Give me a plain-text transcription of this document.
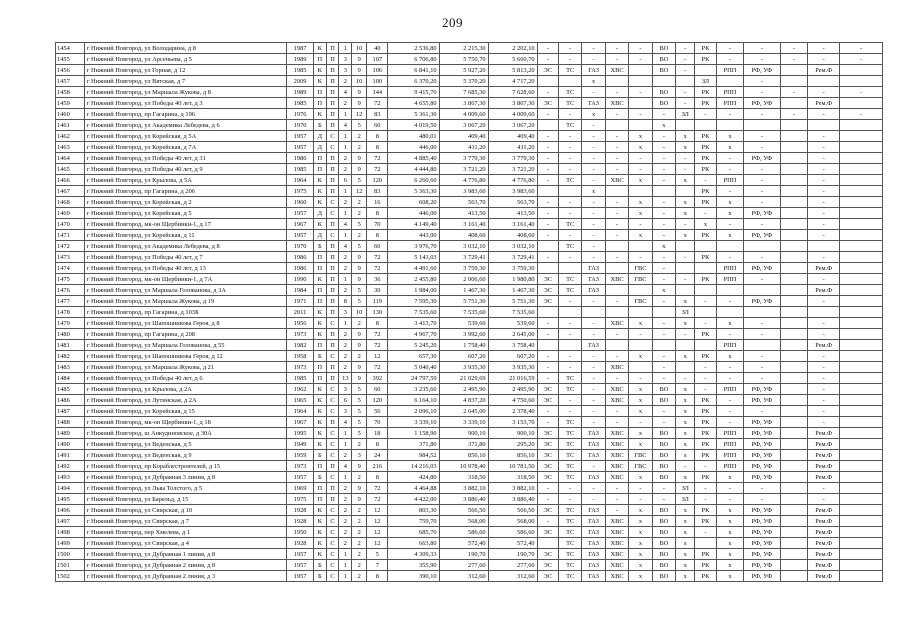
209
1454	г Нижний Новгород, ул Володарина, д 8	1987	К	П	1	10	40	2 536,80	2 215,30	2 202,10	-	-	-	-	-	ВО	-	РК	-	-	-	-	-
1455	г Нижний Новгород, ул Арсеньева, д 5	1989	П	П	3	9	107	6 706,80	5 750,70	5 660,70	-	-	-	-	-	ВО	-	РК	-	-	-	-	-
1456	г Нижний Новгород, ул Горная, д 12	1985	К	П	3	9	106	6 841,10	5 927,20	5 813,20	ЭС	ТС	ГАЗ	ХВС		ВО	-		РПП	РФ, УФ		Рем.Ф	
1457	г Нижний Новгород, ул Вятская, д 7	2009	К	П	2	10	100	6 370,20	5 370,20	4 717,20			х					ЗЛ		-			
1458	г Нижний Новгород, ул Маршала Жукова, д 8	1989	П	П	4	9	144	9 415,70	7 685,30	7 628,60	-	ТС	-	-	-	ВО	-	РК	РПП	-	-	-	-
1459	г Нижний Новгород, ул Победы 40 лет, д 3	1985	П	П	2	9	72	4 655,80	3 867,30	3 867,30	ЭС	ТС	ГАЗ	ХВС		ВО	-	РК	РПП	РФ, УФ		Рем.Ф	
1460	г Нижний Новгород, пр Гагарина, д 196	1976	К	П	1	12	83	5 361,30	4 009,60	4 009,60	-	-	х	-	-	-	ЗЛ	-	-	-	-	-	-
1461	г Нижний Новгород, ул Академика Лебедева, д 6	1970	Б	П	4	5	60	4 019,50	3 067,20	3 067,20		ТС	-			х							
1462	г Нижний Новгород, ул Корейская, д 5А	1957	Д	С	1	2	8	480,01	409,40	409,40	-	-	-	-	х	-	х	РК	х	-		-	
1463	г Нижний Новгород, ул Корейская, д 7А	1957	Д	С	1	2	8	446,00	411,20	411,20	-	-	-	-	х	-	х	РК	х	-		-	
1464	г Нижний Новгород, ул Победы 40 лет, д 31	1986	П	П	2	9	72	4 885,40	3 779,30	3 779,30	-	-	-	-	-	-	-	РК	-	РФ, УФ		-	
1465	г Нижний Новгород, ул Победы 40 лет, д 9	1985	П	П	2	9	72	4 444,80	3 721,20	3 721,20	-	-	-	-	-	-	-	РК	-	-		-	
1466	г Нижний Новгород, ул Крылова, д 5А	1964	К	П	6	5	120	6 260,60	4 776,80	4 776,80	-	ТС	-	ХВС	х	-	х	-	РПП	-		-	
1467	г Нижний Новгород, пр Гагарина, д 206	1975	К	П	1	12	83	5 363,30	3 983,60	3 983,60			х					РК	-	-		-	
1468	г Нижний Новгород, ул Корейская, д 2	1960	К	С	2	2	16	608,20	563,70	563,70	-	-	-	-	х	-	х	РК	х	-		-	
1469	г Нижний Новгород, ул Корейская, д 5	1957	Д	С	1	2	8	446,00	413,50	413,50	-	-	-	-	х	-	х	-	х	РФ, УФ		-	
1470	г Нижний Новгород, мк-он Щербинки-1, д 17	1967	К	П	4	5	70	4 149,40	3 161,40	3 161,40	-	ТС	-	-	-	-	-	х	-	-		-	
1471	г Нижний Новгород, ул Корейская, д 11	1957	Д	С	1	2	8	443,00	408,60	408,60	-	-	-	-	х	-	х	РК	х	РФ, УФ		-	
1472	г Нижний Новгород, ул Академика Лебедева, д 8	1970	Б	П	4	5	60	3 976,70	3 032,10	3 032,10		ТС	-			х							
1473	г Нижний Новгород, ул Победы 40 лет, д 7	1986	П	П	2	9	72	5 143,03	3 729,41	3 729,41	-	-	-	-	-	-	-	РК	-	-		-	
1474	г Нижний Новгород, ул Победы 40 лет, д 13	1986	П	П	2	9	72	4 491,60	3 759,30	3 759,30			ГАЗ		ГВС	-			РПП	РФ, УФ		Рем.Ф	
1475	г Нижний Новгород, мк-он Щербинки-1, д 7А	1990	К	П	1	9	36	2 455,80	2 006,60	1 980,80	ЭС	ТС	ГАЗ	ХВС	ГВС	-	-	РК	РПП	-		-	
1476	г Нижний Новгород, ул Маршала Голованова, д 3А	1984	П	П	2	5	30	1 984,00	1 467,30	1 467,30	ЭС	ТС	ГАЗ			х						Рем.Ф	
1477	г Нижний Новгород, ул Маршала Жукова, д 19	1971	П	П	8	5	119	7 595,30	5 751,30	5 751,30	ЭС	-	-	-	ГВС	-	х	-	-	РФ, УФ		-	
1478	г Нижний Новгород, пр Гагарина, д 103Б	2011	К	П	3	10	130	7 535,60	7 535,60	7 535,60							ЗЛ						
1479	г Нижний Новгород, ул Шапошникова Героя, д 8	1956	К	С	1	2	8	3 413,70	539,60	539,60	-	-	-	ХВС	х	-	х	-	х	-		-	
1480	г Нижний Новгород, пр Гагарина, д 208	1973	К	П	2	9	72	4 967,70	3 992,60	2 645,00	-	-	-	-	-	-	-	РК	-	-		-	
1481	г Нижний Новгород, ул Маршала Голованова, д 55	1982	П	П	2	9	72	5 245,20	1 758,40	3 758,40			ГАЗ						РПП			Рем.Ф	
1482	г Нижний Новгород, ул Шапошникова Героя, д 12	1958	Б	С	2	2	12	657,30	607,20	607,20	-	-	-	-	х	-	х	РК	х	-		-	
1483	г Нижний Новгород, ул Маршала Жукова, д 21	1973	П	П	2	9	72	5 040,40	3 935,30	3 935,30	-	-	-	ХВС		-		-	-	-		-	
1484	г Нижний Новгород, ул Победы 40 лет, д 6	1985	П	П	13	9	392	24 797,59	21 029,69	21 016,59	-	ТС	-	-	-	-	-	-	-	-		-	
1485	г Нижний Новгород, ул Крылова, д 2А	1962	К	С	3	5	60	3 235,60	2 495,90	2 495,90	ЭС	ТС	-	ХВС	х	ВО	х	-	РПП	РФ, УФ		-	
1486	г Нижний Новгород, ул Лутинская, д 2А	1965	К	С	6	5	120	6 164,10	4 837,20	4 750,60	ЭС	-	-	ХВС	х	ВО	х	РК	-	РФ, УФ		-	
1487	г Нижний Новгород, ул Корейская, д 15	1964	К	С	3	5	56	2 096,10	2 645,00	2 378,40	-	-	-	-	х	-	х	РК	-	-		-	
1488	г Нижний Новгород, мк-он Щербинки-1, д 18	1967	К	П	4	5	70	3 339,10	3 339,10	3 153,70	-	ТС	-	-	-	-	х	РК	-	РФ, УФ		-	
1489	г Нижний Новгород, ш Анкудиновское, д 30А	1995	К	С	1	5	18	1 158,90	900,10	900,10	ЭС	ТС	ГАЗ	ХВС	х	ВО	х	РК	РПП	РФ, УФ		Рем.Ф	
1490	г Нижний Новгород, ул Веденская, д 5	1949	К	С	1	2	8	371,80	371,80	295,20	ЭС	ТС	ГАЗ	ХВС	х	ВО	х	РК	РПП	РФ, УФ		Рем.Ф	
1491	г Нижний Новгород, ул Веденская, д 9	1959	Б	С	2	3	24	984,52	856,10	856,10	ЭС	ТС	ГАЗ	ХВС	ГВС	ВО	х	РК	РПП	РФ, УФ		Рем.Ф	
1492	г Нижний Новгород, пр Кораблестроителей, д 15	1973	П	П	4	9	216	14 216,03	10 978,40	10 781,50	ЭС	ТС	-	ХВС	ГВС	ВО	-	-	РПП	РФ, УФ		Рем.Ф	
1493	г Нижний Новгород, ул Дубравная 3 линия, д 8	1957	Б	С	1	2	8	424,80	318,50	318,50	ЭС	ТС	ГАЗ	ХВС	х	ВО	х	РК	х	РФ, УФ		Рем.Ф	
1494	г Нижний Новгород, ул Льва Толстого, д 5	1969	П	П	2	9	72	4 464,88	3 882,10	3 882,10	-	-	-	-	-	-	ЗЛ	-	-	-		-	
1495	г Нижний Новгород, ул Барельд, д 15	1975	П	П	2	9	72	4 422,00	3 886,40	3 886,40	-	-	-	-	-	-	ЗЛ	-	-	-		-	
1496	г Нижний Новгород, ул Свирская, д 10	1928	К	С	2	2	12	803,30	566,50	566,50	ЭС	ТС	ГАЗ	-	х	ВО	х	РК	х	РФ, УФ		Рем.Ф	
1497	г Нижний Новгород, ул Свирская, д 7	1928	К	С	2	2	12	759,70	568,00	568,00	-	ТС	ГАЗ	ХВС	х	ВО	х	РК	х	РФ, УФ		Рем.Ф	
1498	г Нижний Новгород, пер Хмелева, д 1	1950	К	С	2	2	12	685,70	586,60	586,60	ЭС	ТС	ГАЗ	ХВС	х	ВО	х	-	х	РФ, УФ		Рем.Ф	
1499	г Нижний Новгород, ул Свирская, д 4	1928	К	С	2	2	12	663,80	572,40	572,40		ТС	ГАЗ	ХВС	х	ВО	х		х	РФ, УФ		Рем.Ф	
1500	г Нижний Новгород, ул Дубравная 1 линия, д 8	1957	К	С	1	2	5	4 309,33	190,70	190,70	ЭС	ТС	ГАЗ	ХВС	х	ВО	х	РК	х	РФ, УФ		Рем.Ф	
1501	г Нижний Новгород, ул Дубравная 2 линия, д 8	1957	Б	С	1	2	7	355,90	277,60	277,60	ЭС	ТС	ГАЗ	ХВС	х	ВО	х	РК	х	РФ, УФ		Рем.Ф	
1502	г Нижний Новгород, ул Дубравная 2 линия, д 3	1957	Б	С	1	2	8	390,10	312,60	312,60	ЭС	ТС	ГАЗ	ХВС	х	ВО	х	РК	х	РФ, УФ		Рем.Ф	
